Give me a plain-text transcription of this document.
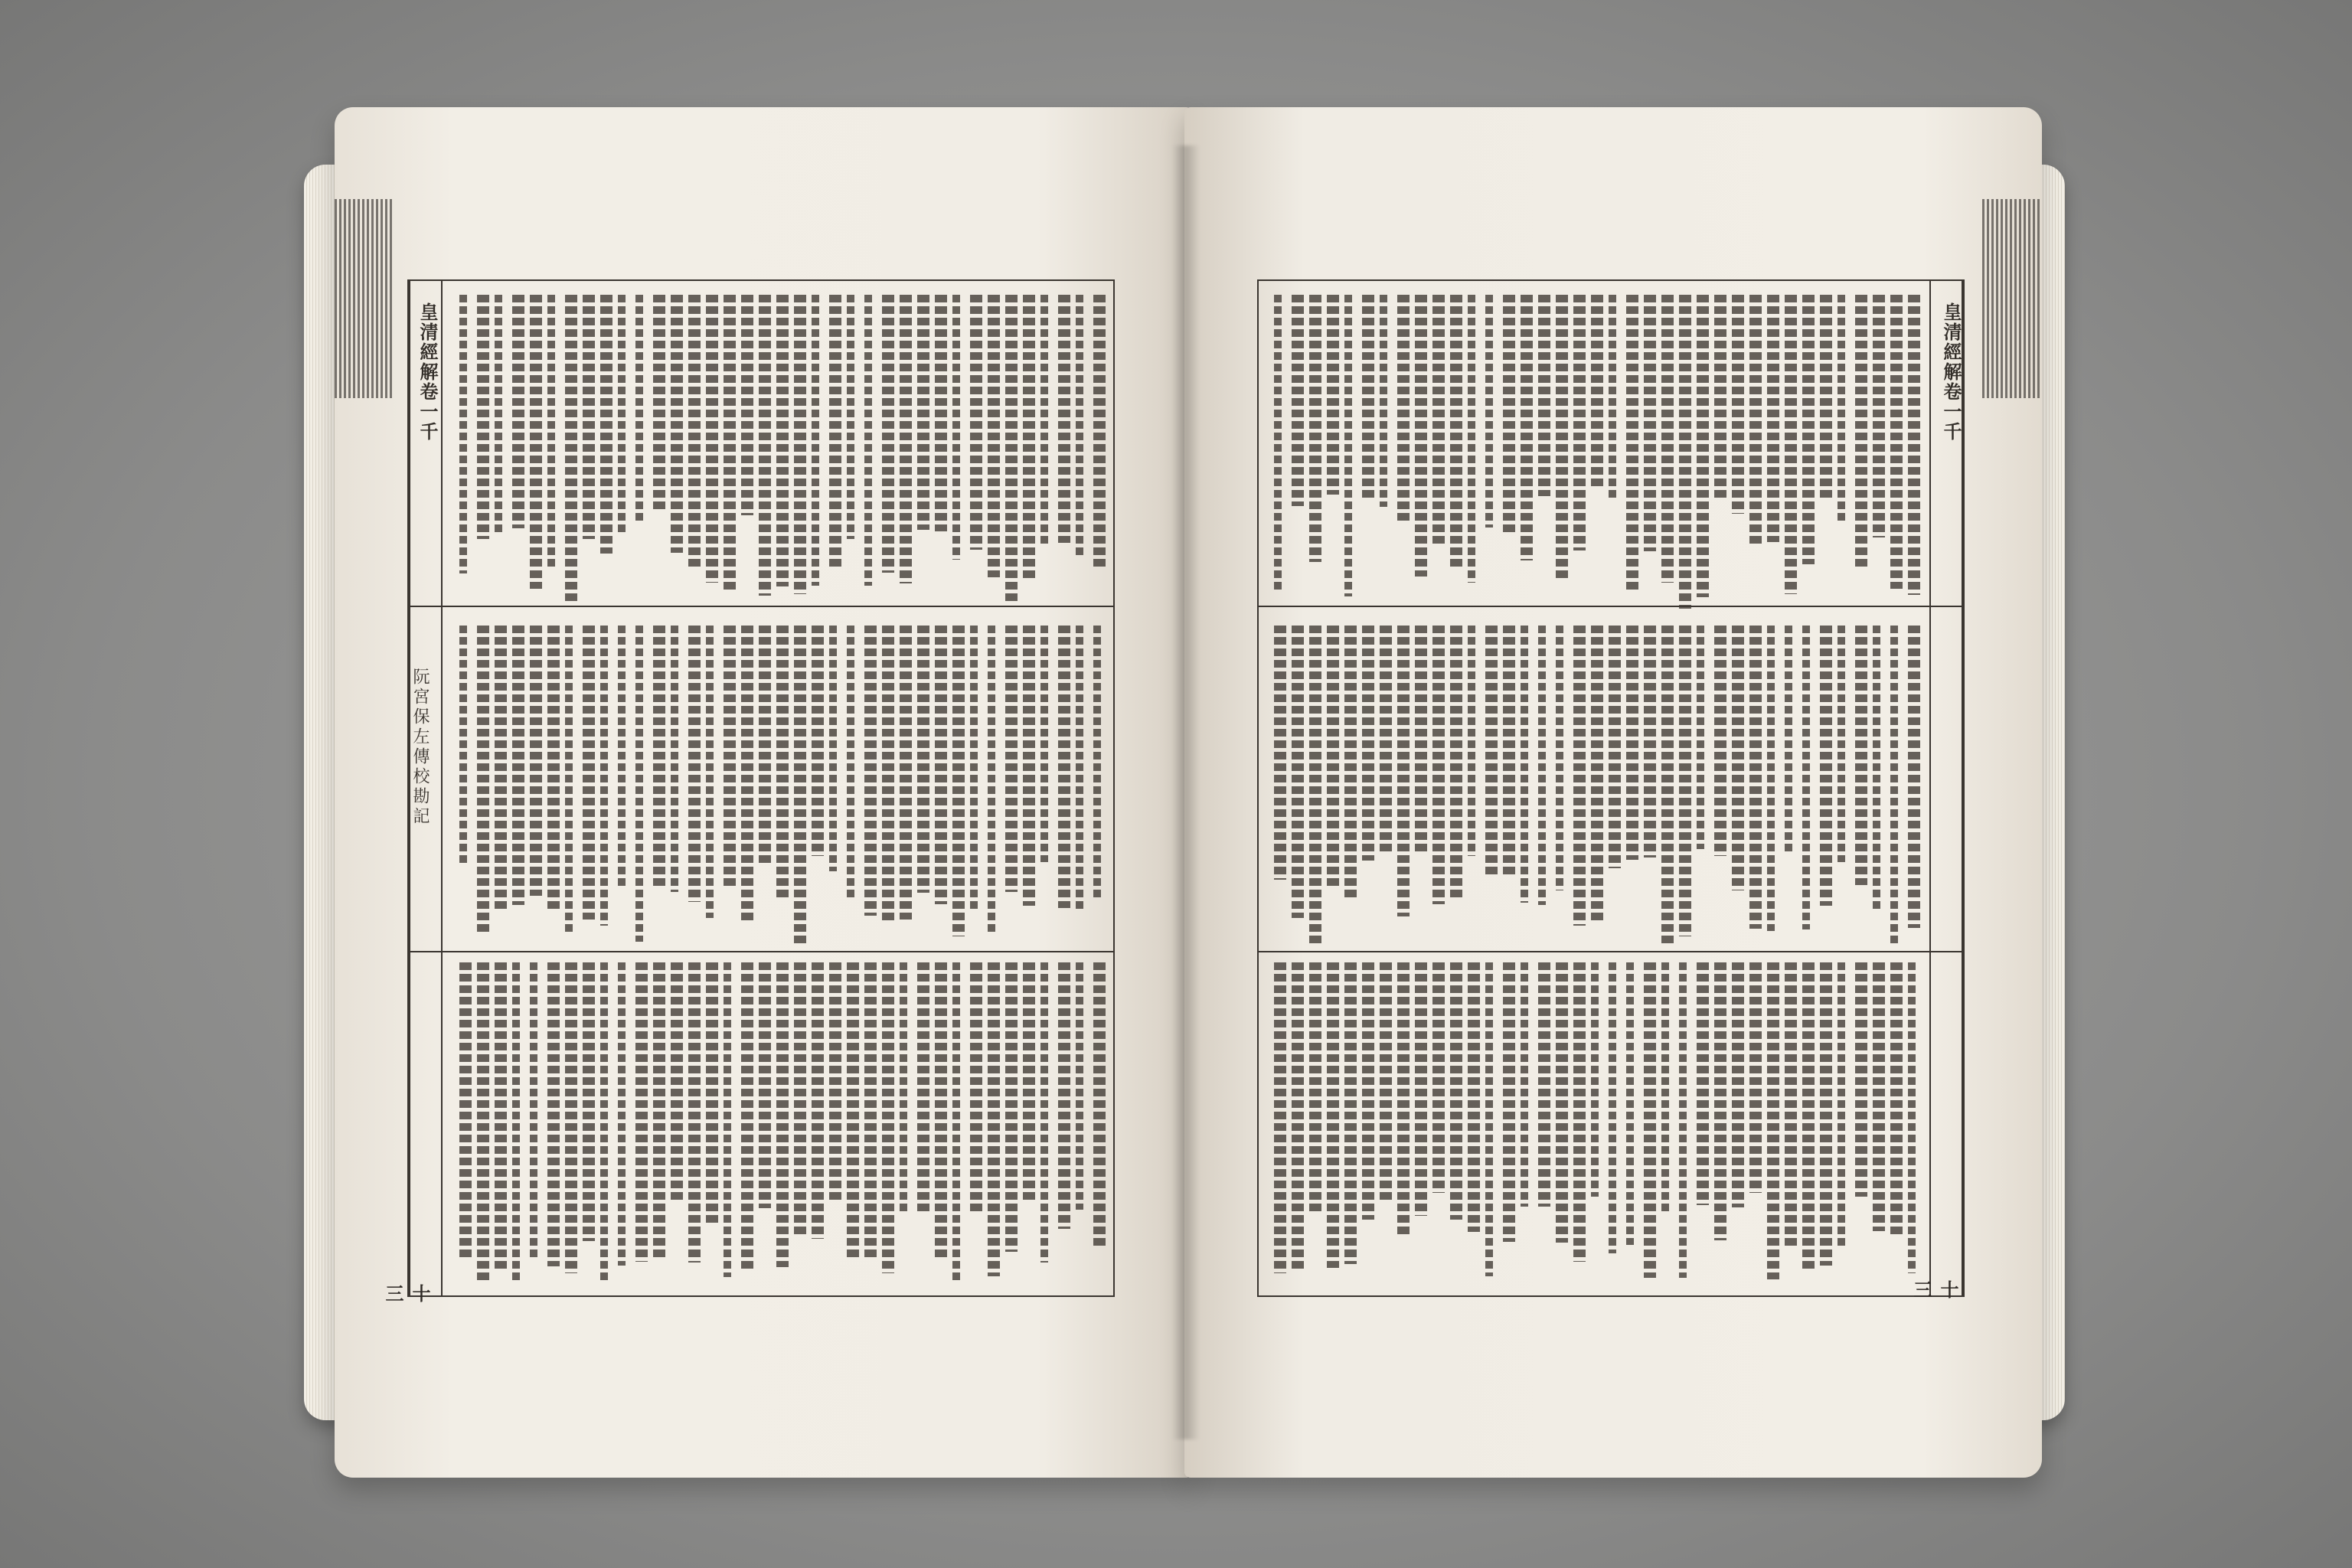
皇清經解卷一千
阮宮保左傳校勘記
十三
皇清經解卷一千
十三
